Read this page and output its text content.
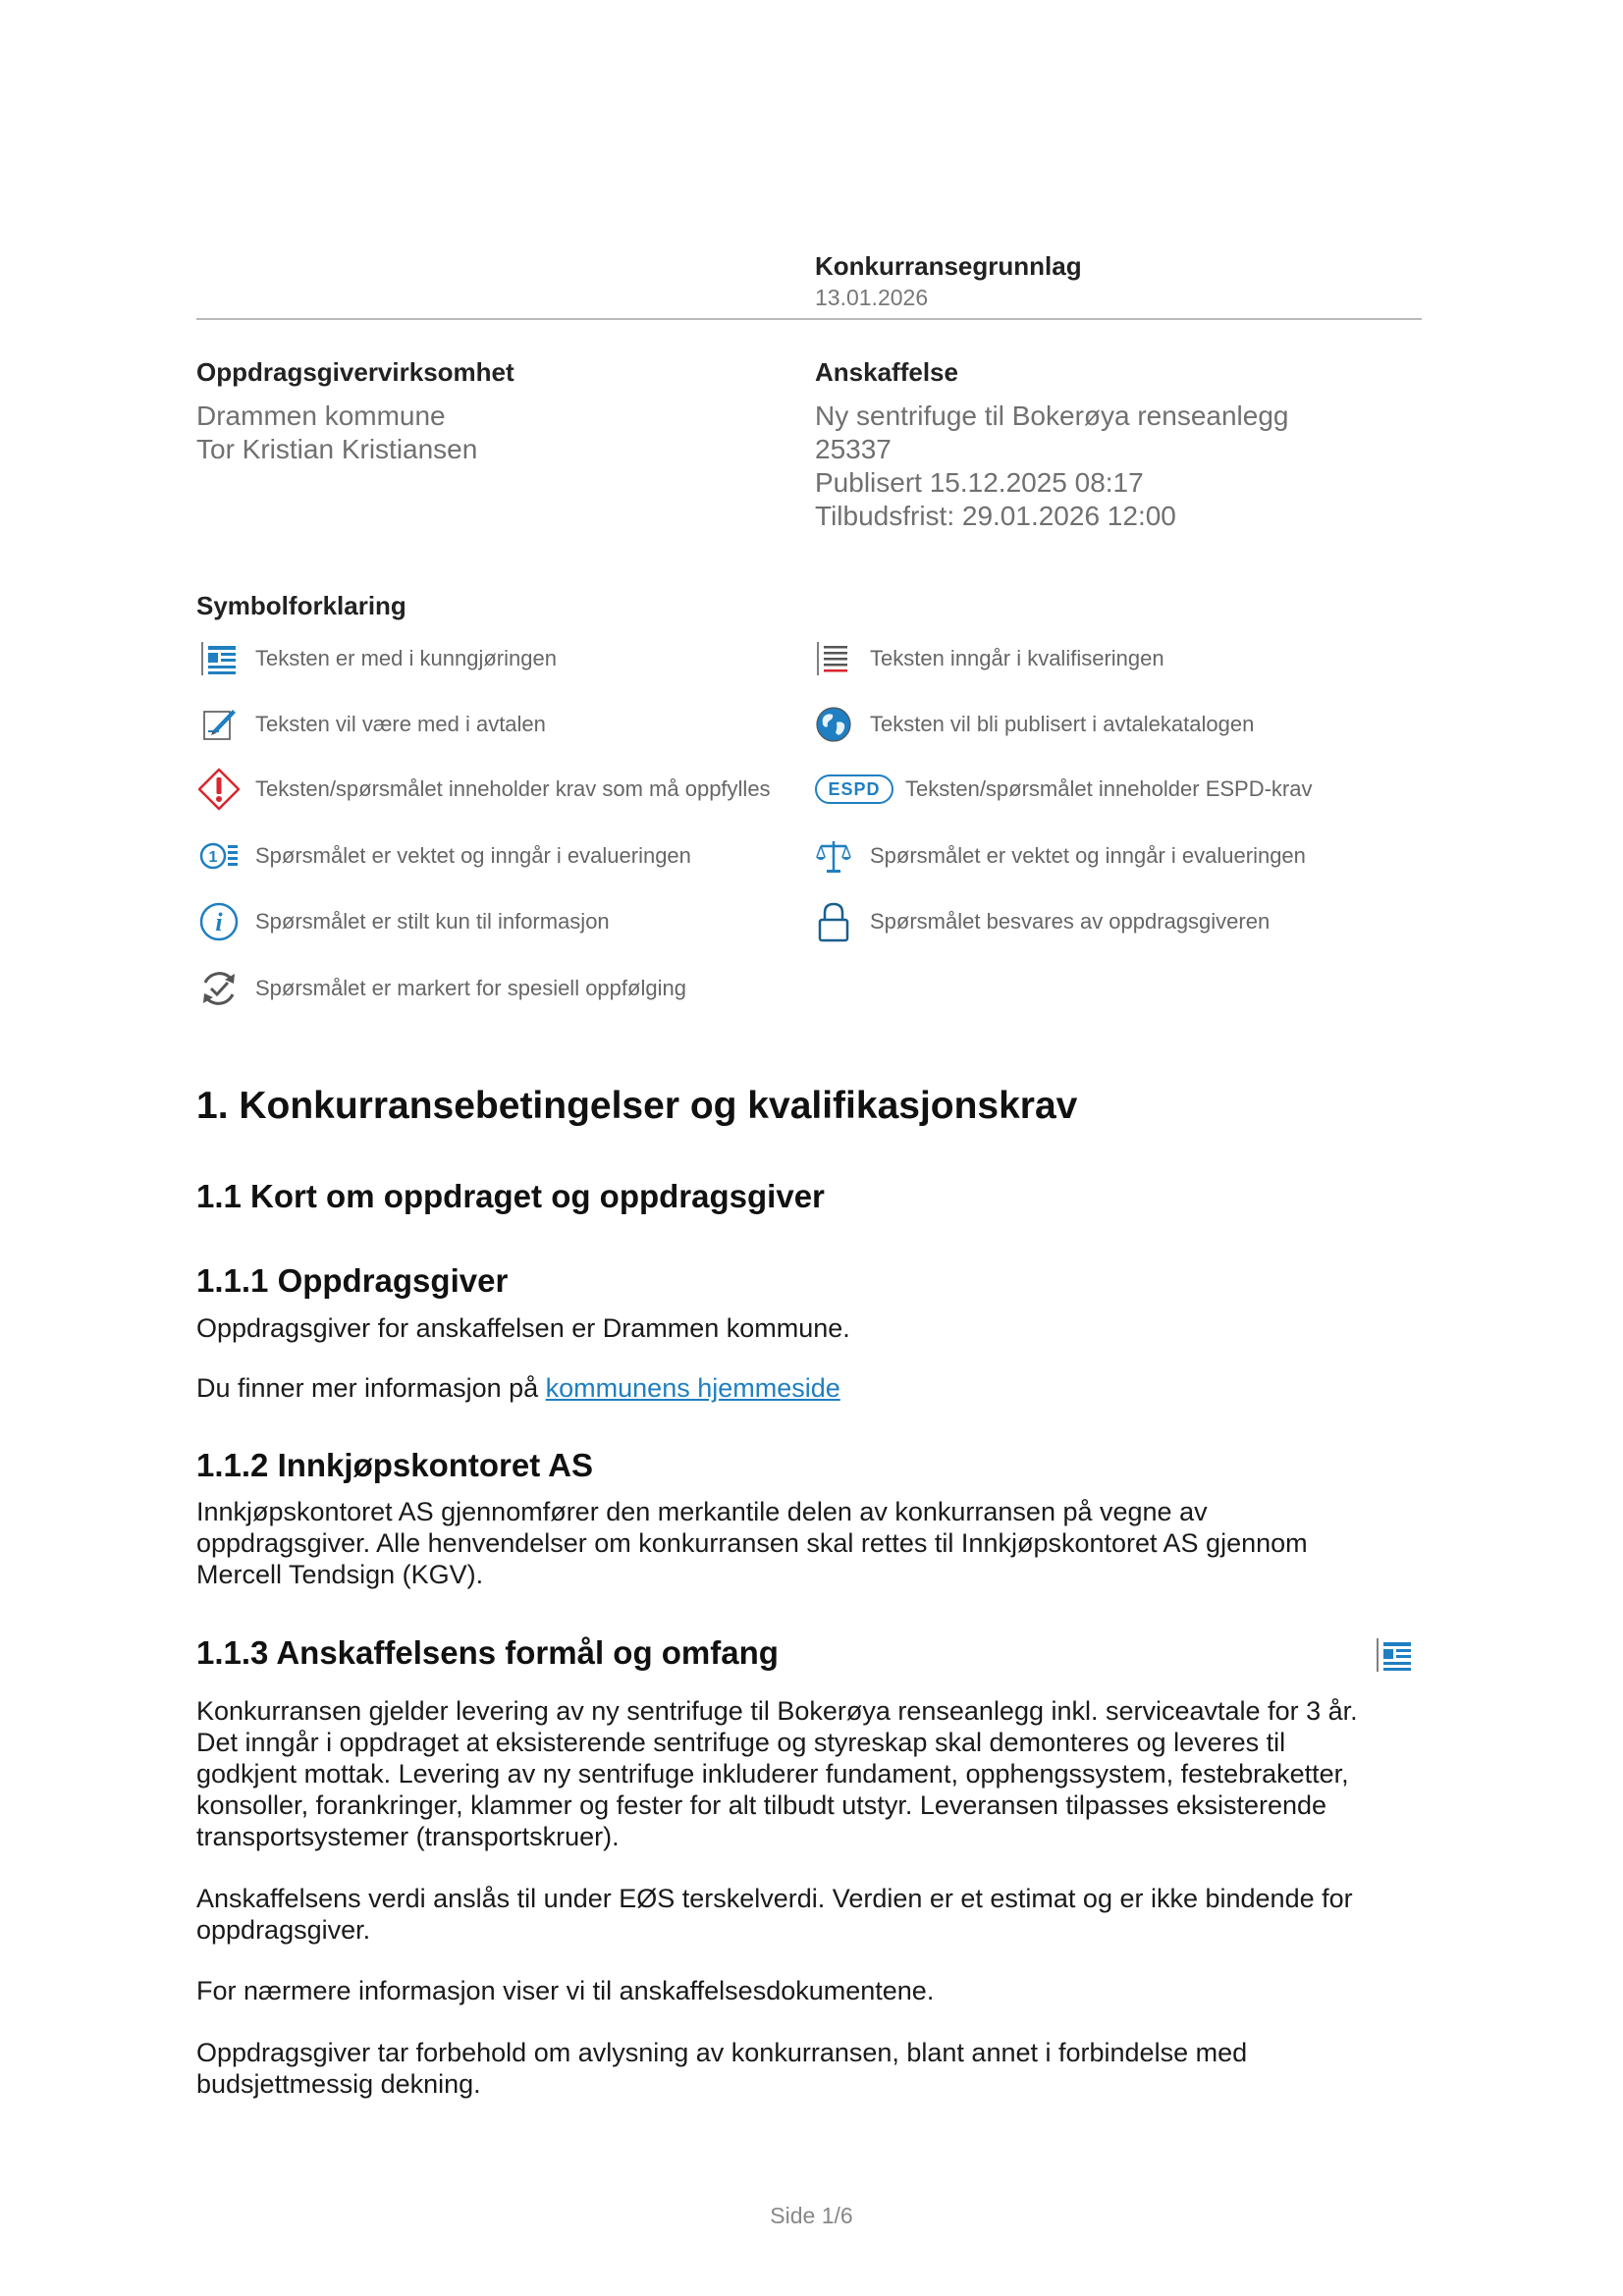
Konkurransegrunnlag
13.01.2026
Oppdragsgivervirksomhet
Drammen kommune
Tor Kristian Kristiansen
Anskaffelse
Ny sentrifuge til Bokerøya renseanlegg
25337
Publisert 15.12.2025 08:17
Tilbudsfrist: 29.01.2026 12:00
Symbolforklaring
Teksten er med i kunngjøringen	Teksten inngår i kvalifiseringen
Teksten vil være med i avtalen	Teksten vil bli publisert i avtalekatalogen
Teksten/spørsmålet inneholder krav som må oppfylles	ESPD	Teksten/spørsmålet inneholder ESPD-krav
1 Spørsmålet er vektet og inngår i evalueringen	Spørsmålet er vektet og inngår i evalueringen
i Spørsmålet er stilt kun til informasjon	Spørsmålet besvares av oppdragsgiveren
Spørsmålet er markert for spesiell oppfølging
1. Konkurransebetingelser og kvalifikasjonskrav
1.1 Kort om oppdraget og oppdragsgiver
1.1.1 Oppdragsgiver
Oppdragsgiver for anskaffelsen er Drammen kommune.
Du finner mer informasjon på kommunens hjemmeside
1.1.2 Innkjøpskontoret AS
Innkjøpskontoret AS gjennomfører den merkantile delen av konkurransen på vegne av
oppdragsgiver. Alle henvendelser om konkurransen skal rettes til Innkjøpskontoret AS gjennom
Mercell Tendsign (KGV).
1.1.3 Anskaffelsens formål og omfang
Konkurransen gjelder levering av ny sentrifuge til Bokerøya renseanlegg inkl. serviceavtale for 3 år.
Det inngår i oppdraget at eksisterende sentrifuge og styreskap skal demonteres og leveres til
godkjent mottak. Levering av ny sentrifuge inkluderer fundament, opphengssystem, festebraketter,
konsoller, forankringer, klammer og fester for alt tilbudt utstyr. Leveransen tilpasses eksisterende
transportsystemer (transportskruer).
Anskaffelsens verdi anslås til under EØS terskelverdi. Verdien er et estimat og er ikke bindende for
oppdragsgiver.
For nærmere informasjon viser vi til anskaffelsesdokumentene.
Oppdragsgiver tar forbehold om avlysning av konkurransen, blant annet i forbindelse med
budsjettmessig dekning.
Side 1/6
